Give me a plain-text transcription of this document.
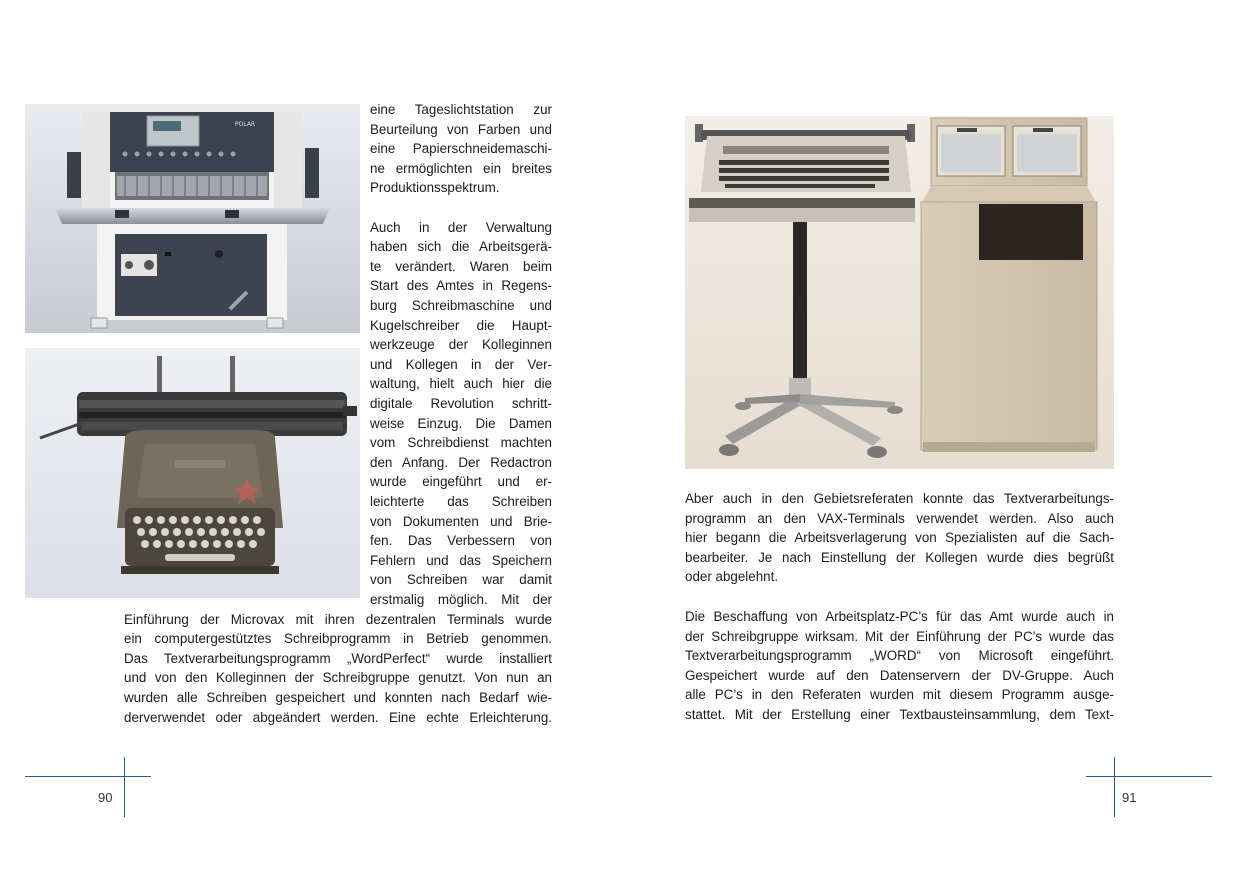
POLAR
eine Tageslichtstation zur
Beurteilung von Farben und
eine Papierschneidemaschi-
ne ermöglichten ein breites
Produktionsspektrum.
Auch in der Verwaltung
haben sich die Arbeitsgerä-
te verändert. Waren beim
Start des Amtes in Regens-
burg Schreibmaschine und
Kugelschreiber die Haupt-
werkzeuge der Kolleginnen
und Kollegen in der Ver-
waltung, hielt auch hier die
digitale Revolution schritt-
weise Einzug. Die Damen
vom Schreibdienst machten
den Anfang. Der Redactron
wurde eingeführt und er-
leichterte das Schreiben
von Dokumenten und Brie-
fen. Das Verbessern von
Fehlern und das Speichern
von Schreiben war damit
erstmalig möglich. Mit der
Einführung der Microvax mit ihren dezentralen Terminals wurde
ein computergestütztes Schreibprogramm in Betrieb genommen.
Das Textverarbeitungsprogramm „WordPerfect“ wurde installiert
und von den Kolleginnen der Schreibgruppe genutzt. Von nun an
wurden alle Schreiben gespeichert und konnten nach Bedarf wie-
derverwendet oder abgeändert werden. Eine echte Erleichterung.
90
Aber auch in den Gebietsreferaten konnte das Textverarbeitungs-
programm an den VAX-Terminals verwendet werden. Also auch
hier begann die Arbeitsverlagerung von Spezialisten auf die Sach-
bearbeiter. Je nach Einstellung der Kollegen wurde dies begrüßt
oder abgelehnt.
Die Beschaffung von Arbeitsplatz-PC’s für das Amt wurde auch in
der Schreibgruppe wirksam. Mit der Einführung der PC’s wurde das
Textverarbeitungsprogramm „WORD“ von Microsoft eingeführt.
Gespeichert wurde auf den Datenservern der DV-Gruppe. Auch
alle PC’s in den Referaten wurden mit diesem Programm ausge-
stattet. Mit der Erstellung einer Textbausteinsammlung, dem Text-
91
